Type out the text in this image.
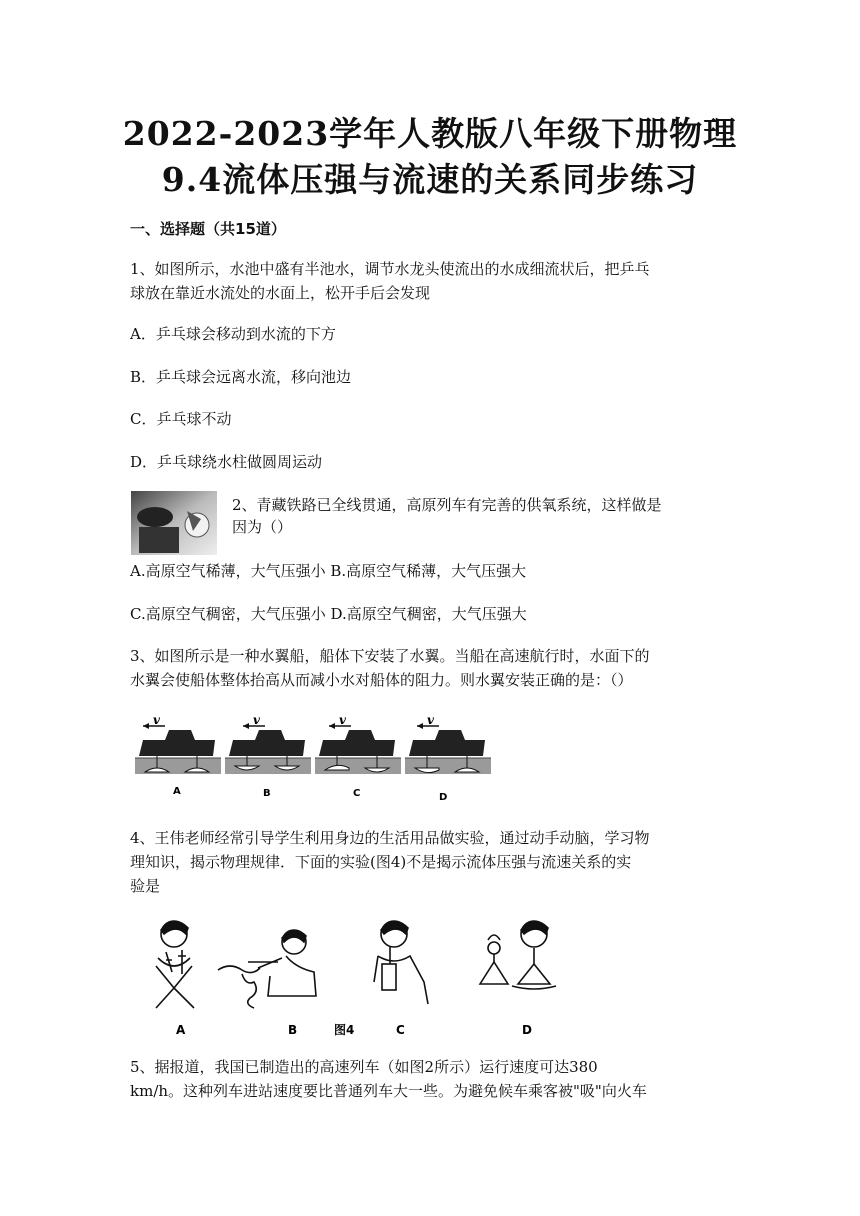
2022-2023学年人教版八年级下册物理
9.4流体压强与流速的关系同步练习
一、选择题（共15道）
1、如图所示，水池中盛有半池水，调节水龙头使流出的水成细流状后，把乒乓
球放在靠近水流处的水面上，松开手后会发现
A．乒乓球会移动到水流的下方
B．乒乓球会远离水流，移向池边
C．乒乓球不动
D．乒乓球绕水柱做圆周运动
2、青藏铁路已全线贯通，高原列车有完善的供氧系统，这样做是
因为（）
A.高原空气稀薄，大气压强小 B.高原空气稀薄，大气压强大
C.高原空气稠密，大气压强小 D.高原空气稠密，大气压强大
3、如图所示是一种水翼船，船体下安装了水翼。当船在高速航行时，水面下的
水翼会使船体整体抬高从而减小水对船体的阻力。则水翼安装正确的是：（）
v	v	v	v
A	B	C	D
4、王伟老师经常引导学生利用身边的生活用品做实验，通过动手动脑，学习物
理知识，揭示物理规律．下面的实验(图4)不是揭示流体压强与流速关系的实
验是
A	B	图4	C	D
5、据报道，我国已制造出的高速列车（如图2所示）运行速度可达380
km/h。这种列车进站速度要比普通列车大一些。为避免候车乘客被"吸"向火车
